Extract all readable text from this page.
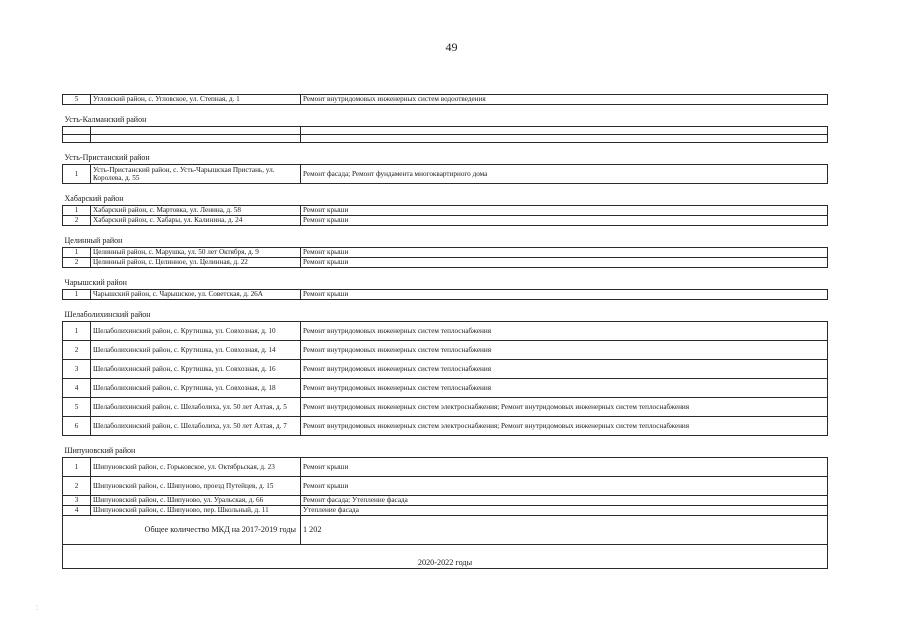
49
5	Угловский район, с. Угловское, ул. Степная, д. 1	Ремонт внутридомовых инженерных систем водоотведения
Усть-Калманский район		

Усть-Пристанский район		
1	Усть-Пристанский район, с. Усть-Чарышская Пристань, ул. Королева, д. 55	Ремонт фасада; Ремонт фундамента многоквартирного дома
Хабарский район		
1	Хабарский район, с. Мартовка, ул. Ленина, д. 58	Ремонт крыши
2	Хабарский район, с. Хабары, ул. Калинина, д. 24	Ремонт крыши
Целинный район		
1	Целинный район, с. Марушка, ул. 50 лет Октября, д. 9	Ремонт крыши
2	Целинный район, с. Целинное, ул. Целинная, д. 22	Ремонт крыши
Чарышский район		
1	Чарышский район, с. Чарышское, ул. Советская, д. 26А	Ремонт крыши
Шелаболихинский район		
1	Шелаболихинский район, с. Крутишка, ул. Совхозная, д. 10	Ремонт внутридомовых инженерных систем теплоснабжения
2	Шелаболихинский район, с. Крутишка, ул. Совхозная, д. 14	Ремонт внутридомовых инженерных систем теплоснабжения
3	Шелаболихинский район, с. Крутишка, ул. Совхозная, д. 16	Ремонт внутридомовых инженерных систем теплоснабжения
4	Шелаболихинский район, с. Крутишка, ул. Совхозная, д. 18	Ремонт внутридомовых инженерных систем теплоснабжения
5	Шелаболихинский район, с. Шелаболиха, ул. 50 лет Алтая, д. 5	Ремонт внутридомовых инженерных систем электроснабжения; Ремонт внутридомовых инженерных систем теплоснабжения
6	Шелаболихинский район, с. Шелаболиха, ул. 50 лет Алтая, д. 7	Ремонт внутридомовых инженерных систем электроснабжения; Ремонт внутридомовых инженерных систем теплоснабжения
Шипуновский район		
1	Шипуновский район, с. Горьковское, ул. Октябрьская, д. 23	Ремонт крыши
2	Шипуновский район, с. Шипуново, проезд Путейцев, д. 15	Ремонт крыши
3	Шипуновский район, с. Шипуново, ул. Уральская, д. 66	Ремонт фасада; Утепление фасада
4	Шипуновский район, с. Шипуново, пер. Школьный, д. 11	Утепление фасада
Общее количество МКД на 2017-2019 годы		1 202
2020-2022 годы		
⁚
